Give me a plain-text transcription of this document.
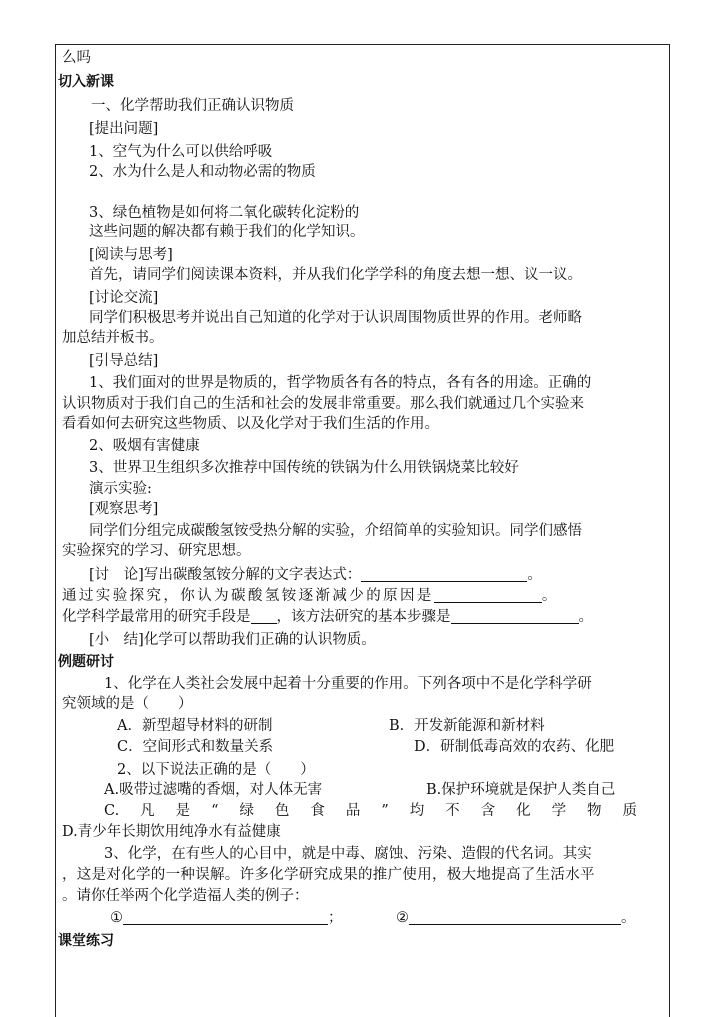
么吗
切入新课
一、化学帮助我们正确认识物质
[提出问题]
1、空气为什么可以供给呼吸
2、水为什么是人和动物必需的物质
3、绿色植物是如何将二氧化碳转化淀粉的
这些问题的解决都有赖于我们的化学知识。
[阅读与思考]
首先，请同学们阅读课本资料，并从我们化学学科的角度去想一想、议一议。
[讨论交流]
同学们积极思考并说出自己知道的化学对于认识周围物质世界的作用。老师略
加总结并板书。
[引导总结]
1、我们面对的世界是物质的，哲学物质各有各的特点，各有各的用途。正确的
认识物质对于我们自己的生活和社会的发展非常重要。那么我们就通过几个实验来
看看如何去研究这些物质、以及化学对于我们生活的作用。
2、吸烟有害健康
3、世界卫生组织多次推荐中国传统的铁锅为什么用铁锅烧菜比较好
演示实验:
[观察思考]
同学们分组完成碳酸氢铵受热分解的实验，介绍简单的实验知识。同学们感悟
实验探究的学习、研究思想。
[讨　论]写出碳酸氢铵分解的文字表达式：	。
通过实验探究，你认为碳酸氢铵逐渐减少的原因是	。
化学科学最常用的研究手段是 ，该方法研究的基本步骤是	。
[小　结]化学可以帮助我们正确的认识物质。
例题研讨
1、化学在人类社会发展中起着十分重要的作用。下列各项中不是化学科学研
究领域的是（　　）
A．新型超导材料的研制	B．开发新能源和新材料
C．空间形式和数量关系	D．研制低毒高效的农药、化肥
2、以下说法正确的是（　　）
A.吸带过滤嘴的香烟，对人体无害	B.保护环境就是保护人类自己
C.凡是“绿色食品”均不含化学物质
D.青少年长期饮用纯净水有益健康
3、化学，在有些人的心目中，就是中毒、腐蚀、污染、造假的代名词。其实
，这是对化学的一种误解。许多化学研究成果的推广使用，极大地提高了生活水平
。请你任举两个化学造福人类的例子：
①	；	②	。
课堂练习
